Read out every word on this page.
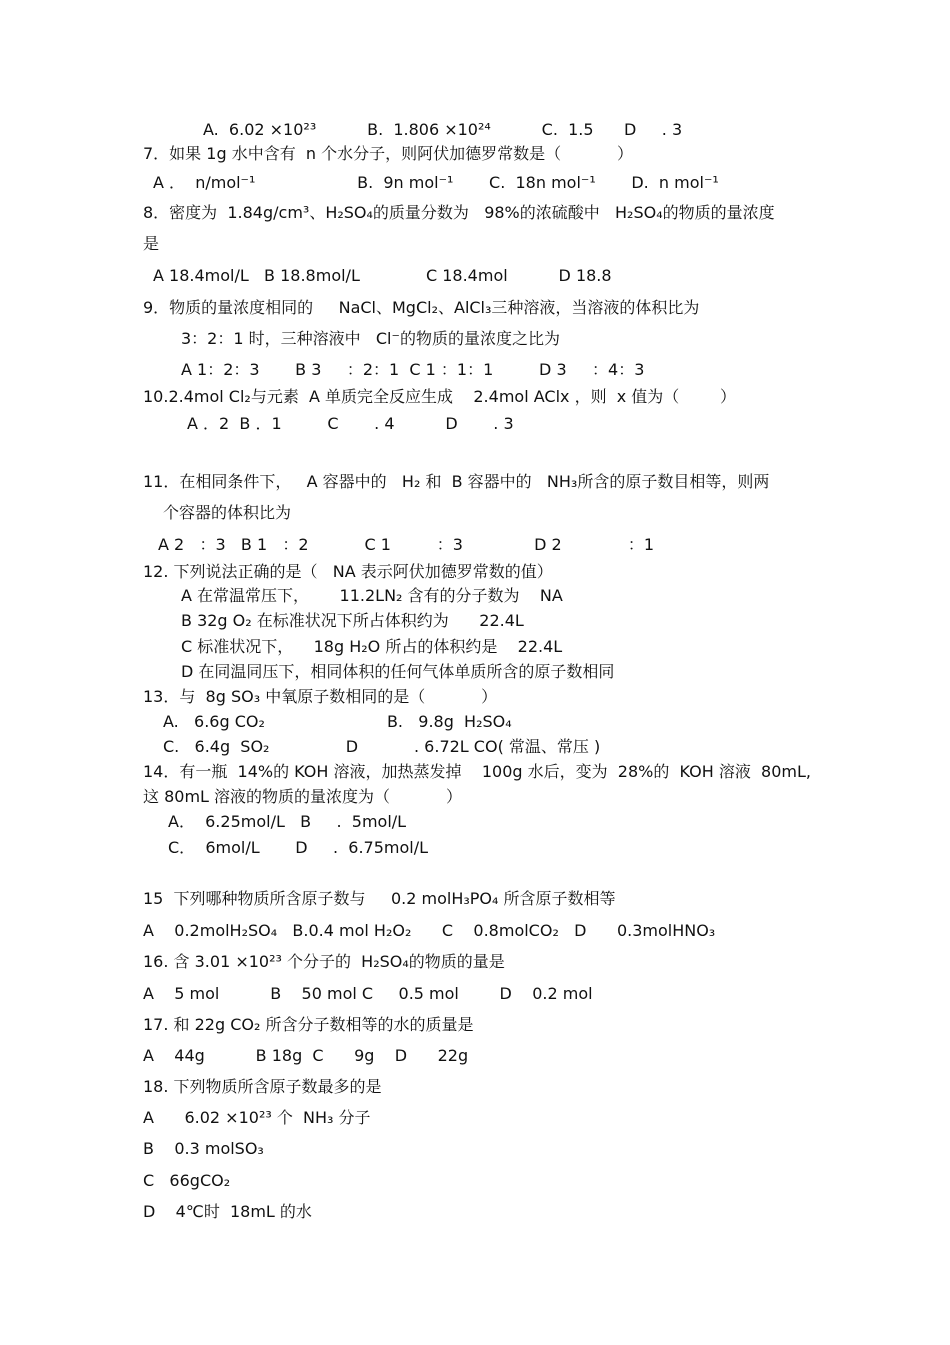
A.  6.02 ×10²³          B.  1.806 ×10²⁴          C.  1.5      D     . 3
7．如果 1g 水中含有  n 个水分子，则阿伏加德罗常数是（           ）
A ．  n/mol⁻¹                    B.  9n mol⁻¹       C.  18n mol⁻¹       D.  n mol⁻¹
8．密度为  1.84g/cm³、H₂SO₄的质量分数为   98%的浓硫酸中   H₂SO₄的物质的量浓度
是
A 18.4mol/L   B 18.8mol/L             C 18.4mol          D 18.8
9．物质的量浓度相同的     NaCl、MgCl₂、AlCl₃三种溶液，当溶液的体积比为
3：2：1 时，三种溶液中   Cl⁻的物质的量浓度之比为
A 1：2：3       B 3     ：2：1  C 1 ：1：1         D 3     ：4：3
10.2.4mol Cl₂与元素  A 单质完全反应生成    2.4mol AClx ，则  x 值为（        ）
A ．2  B ．1         C       . 4          D       . 3
11．在相同条件下，   A 容器中的   H₂ 和  B 容器中的   NH₃所含的原子数目相等，则两
个容器的体积比为
A 2   ：3   B 1   ：2           C 1         ：3              D 2             ：1
12. 下列说法正确的是（   NA 表示阿伏加德罗常数的值）
A 在常温常压下，      11.2LN₂ 含有的分子数为    NA
B 32g O₂ 在标准状况下所占体积约为      22.4L
C 标准状况下，    18g H₂O 所占的体积约是    22.4L
D 在同温同压下，相同体积的任何气体单质所含的原子数相同
13．与  8g SO₃ 中氧原子数相同的是（           ）
A.   6.6g CO₂                        B.   9.8g  H₂SO₄
C.   6.4g  SO₂               D           . 6.72L CO( 常温、常压 )
14．有一瓶  14%的 KOH 溶液，加热蒸发掉    100g 水后，变为  28%的  KOH 溶液  80mL,
这 80mL 溶液的物质的量浓度为（           ）
A．  6.25mol/L   B     .  5mol/L
C．  6mol/L       D     .  6.75mol/L
15  下列哪种物质所含原子数与     0.2 molH₃PO₄ 所含原子数相等
A    0.2molH₂SO₄   B.0.4 mol H₂O₂      C    0.8molCO₂   D      0.3molHNO₃
16. 含 3.01 ×10²³ 个分子的  H₂SO₄的物质的量是
A    5 mol          B    50 mol C     0.5 mol        D    0.2 mol
17. 和 22g CO₂ 所含分子数相等的水的质量是
A    44g          B 18g  C      9g    D      22g
18. 下列物质所含原子数最多的是
A      6.02 ×10²³ 个  NH₃ 分子
B    0.3 molSO₃
C   66gCO₂
D    4℃时  18mL 的水
